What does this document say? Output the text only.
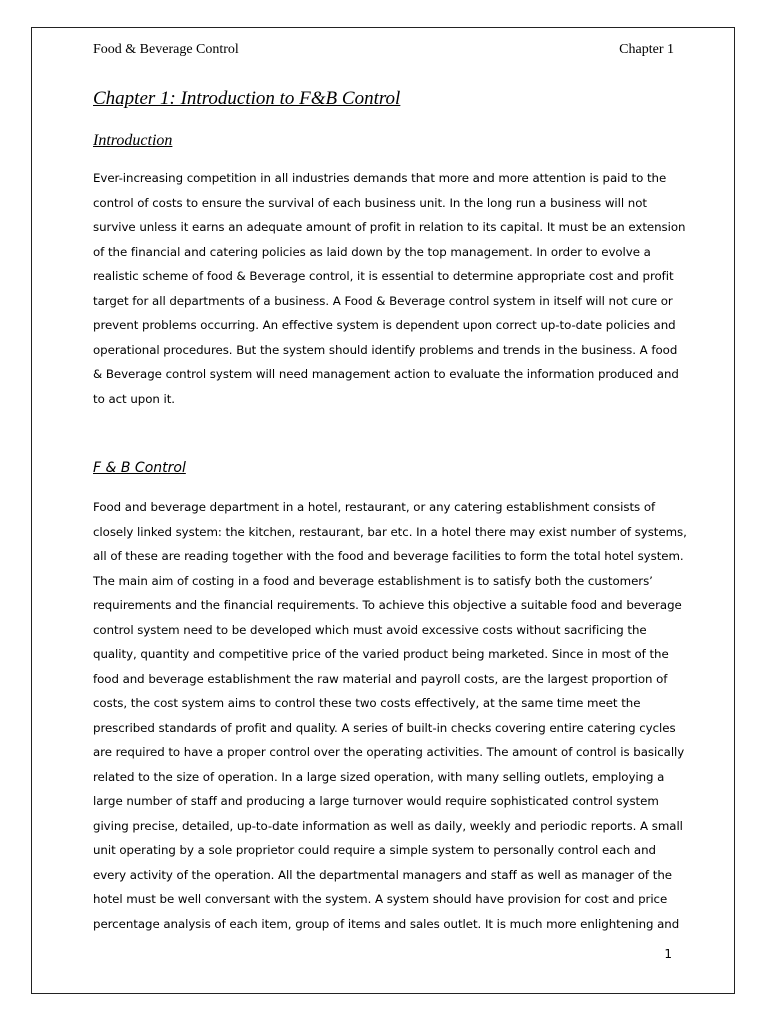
Food & Beverage Control	Chapter 1
Chapter 1: Introduction to F&B Control
Introduction

Ever-increasing competition in all industries demands that more and more attention is paid to the
control of costs to ensure the survival of each business unit. In the long run a business will not
survive unless it earns an adequate amount of profit in relation to its capital. It must be an extension
of the financial and catering policies as laid down by the top management. In order to evolve a
realistic scheme of food & Beverage control, it is essential to determine appropriate cost and profit
target for all departments of a business. A Food & Beverage control system in itself will not cure or
prevent problems occurring. An effective system is dependent upon correct up-to-date policies and
operational procedures. But the system should identify problems and trends in the business. A food
& Beverage control system will need management action to evaluate the information produced and
to act upon it.

F & B Control

Food and beverage department in a hotel, restaurant, or any catering establishment consists of
closely linked system: the kitchen, restaurant, bar etc. In a hotel there may exist number of systems,
all of these are reading together with the food and beverage facilities to form the total hotel system.
The main aim of costing in a food and beverage establishment is to satisfy both the customers’
requirements and the financial requirements. To achieve this objective a suitable food and beverage
control system need to be developed which must avoid excessive costs without sacrificing the
quality, quantity and competitive price of the varied product being marketed. Since in most of the
food and beverage establishment the raw material and payroll costs, are the largest proportion of
costs, the cost system aims to control these two costs effectively, at the same time meet the
prescribed standards of profit and quality. A series of built-in checks covering entire catering cycles
are required to have a proper control over the operating activities. The amount of control is basically
related to the size of operation. In a large sized operation, with many selling outlets, employing a
large number of staff and producing a large turnover would require sophisticated control system
giving precise, detailed, up-to-date information as well as daily, weekly and periodic reports. A small
unit operating by a sole proprietor could require a simple system to personally control each and
every activity of the operation. All the departmental managers and staff as well as manager of the
hotel must be well conversant with the system. A system should have provision for cost and price
percentage analysis of each item, group of items and sales outlet. It is much more enlightening and

1
